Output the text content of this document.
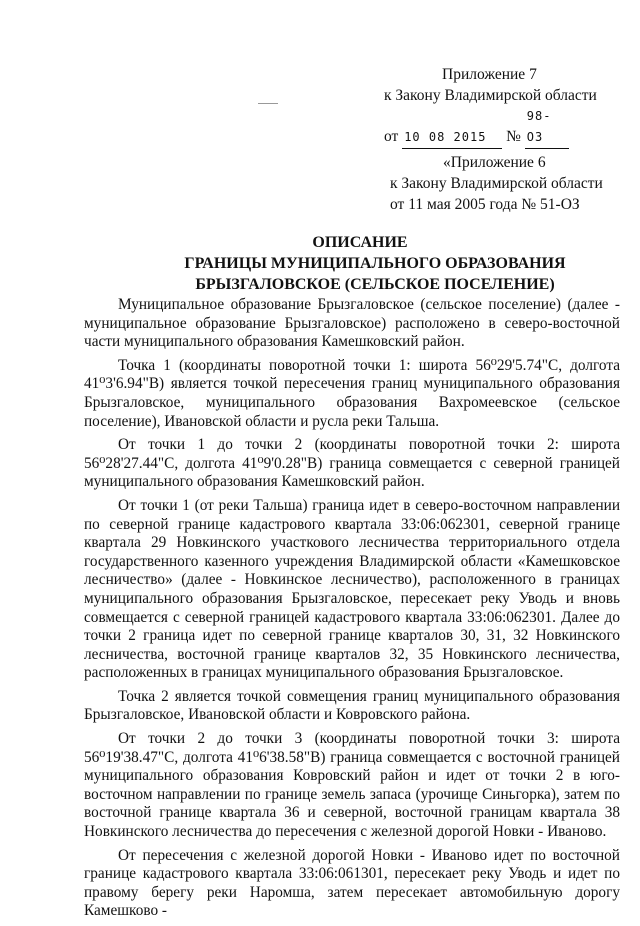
Приложение 7
к Закону Владимирской области
от 10 08 2015 № 98-ОЗ
«Приложение 6
к Закону Владимирской области
от 11 мая 2005 года № 51-ОЗ
ОПИСАНИЕ
ГРАНИЦЫ МУНИЦИПАЛЬНОГО ОБРАЗОВАНИЯ
БРЫЗГАЛОВСКОЕ (СЕЛЬСКОЕ ПОСЕЛЕНИЕ)

Муниципальное образование Брызгаловское (сельское поселение) (далее - муниципальное образование Брызгаловское) расположено в северо-восточной части муниципального образования Камешковский район.

Точка 1 (координаты поворотной точки 1: широта 56⁰29'5.74"С, долгота 41⁰3'6.94"В) является точкой пересечения границ муниципального образования Брызгаловское, муниципального образования Вахромеевское (сельское поселение), Ивановской области и русла реки Тальша.

От точки 1 до точки 2 (координаты поворотной точки 2: широта 56⁰28'27.44"С, долгота 41⁰9'0.28"В) граница совмещается с северной границей муниципального образования Камешковский район.

От точки 1 (от реки Тальша) граница идет в северо-восточном направлении по северной границе кадастрового квартала 33:06:062301, северной границе квартала 29 Новкинского участкового лесничества территориального отдела государственного казенного учреждения Владимирской области «Камешковское лесничество» (далее - Новкинское лесничество), расположенного в границах муниципального образования Брызгаловское, пересекает реку Уводь и вновь совмещается с северной границей кадастрового квартала 33:06:062301. Далее до точки 2 граница идет по северной границе кварталов 30, 31, 32 Новкинского лесничества, восточной границе кварталов 32, 35 Новкинского лесничества, расположенных в границах муниципального образования Брызгаловское.

Точка 2 является точкой совмещения границ муниципального образования Брызгаловское, Ивановской области и Ковровского района.

От точки 2 до точки 3 (координаты поворотной точки 3: широта 56⁰19'38.47"С, долгота 41⁰6'38.58"В) граница совмещается с восточной границей муниципального образования Ковровский район и идет от точки 2 в юго-восточном направлении по границе земель запаса (урочище Синьгорка), затем по восточной границе квартала 36 и северной, восточной границам квартала 38 Новкинского лесничества до пересечения с железной дорогой Новки - Иваново.

От пересечения с железной дорогой Новки - Иваново идет по восточной границе кадастрового квартала 33:06:061301, пересекает реку Уводь и идет по правому берегу реки Наромша, затем пересекает автомобильную дорогу Камешково -
